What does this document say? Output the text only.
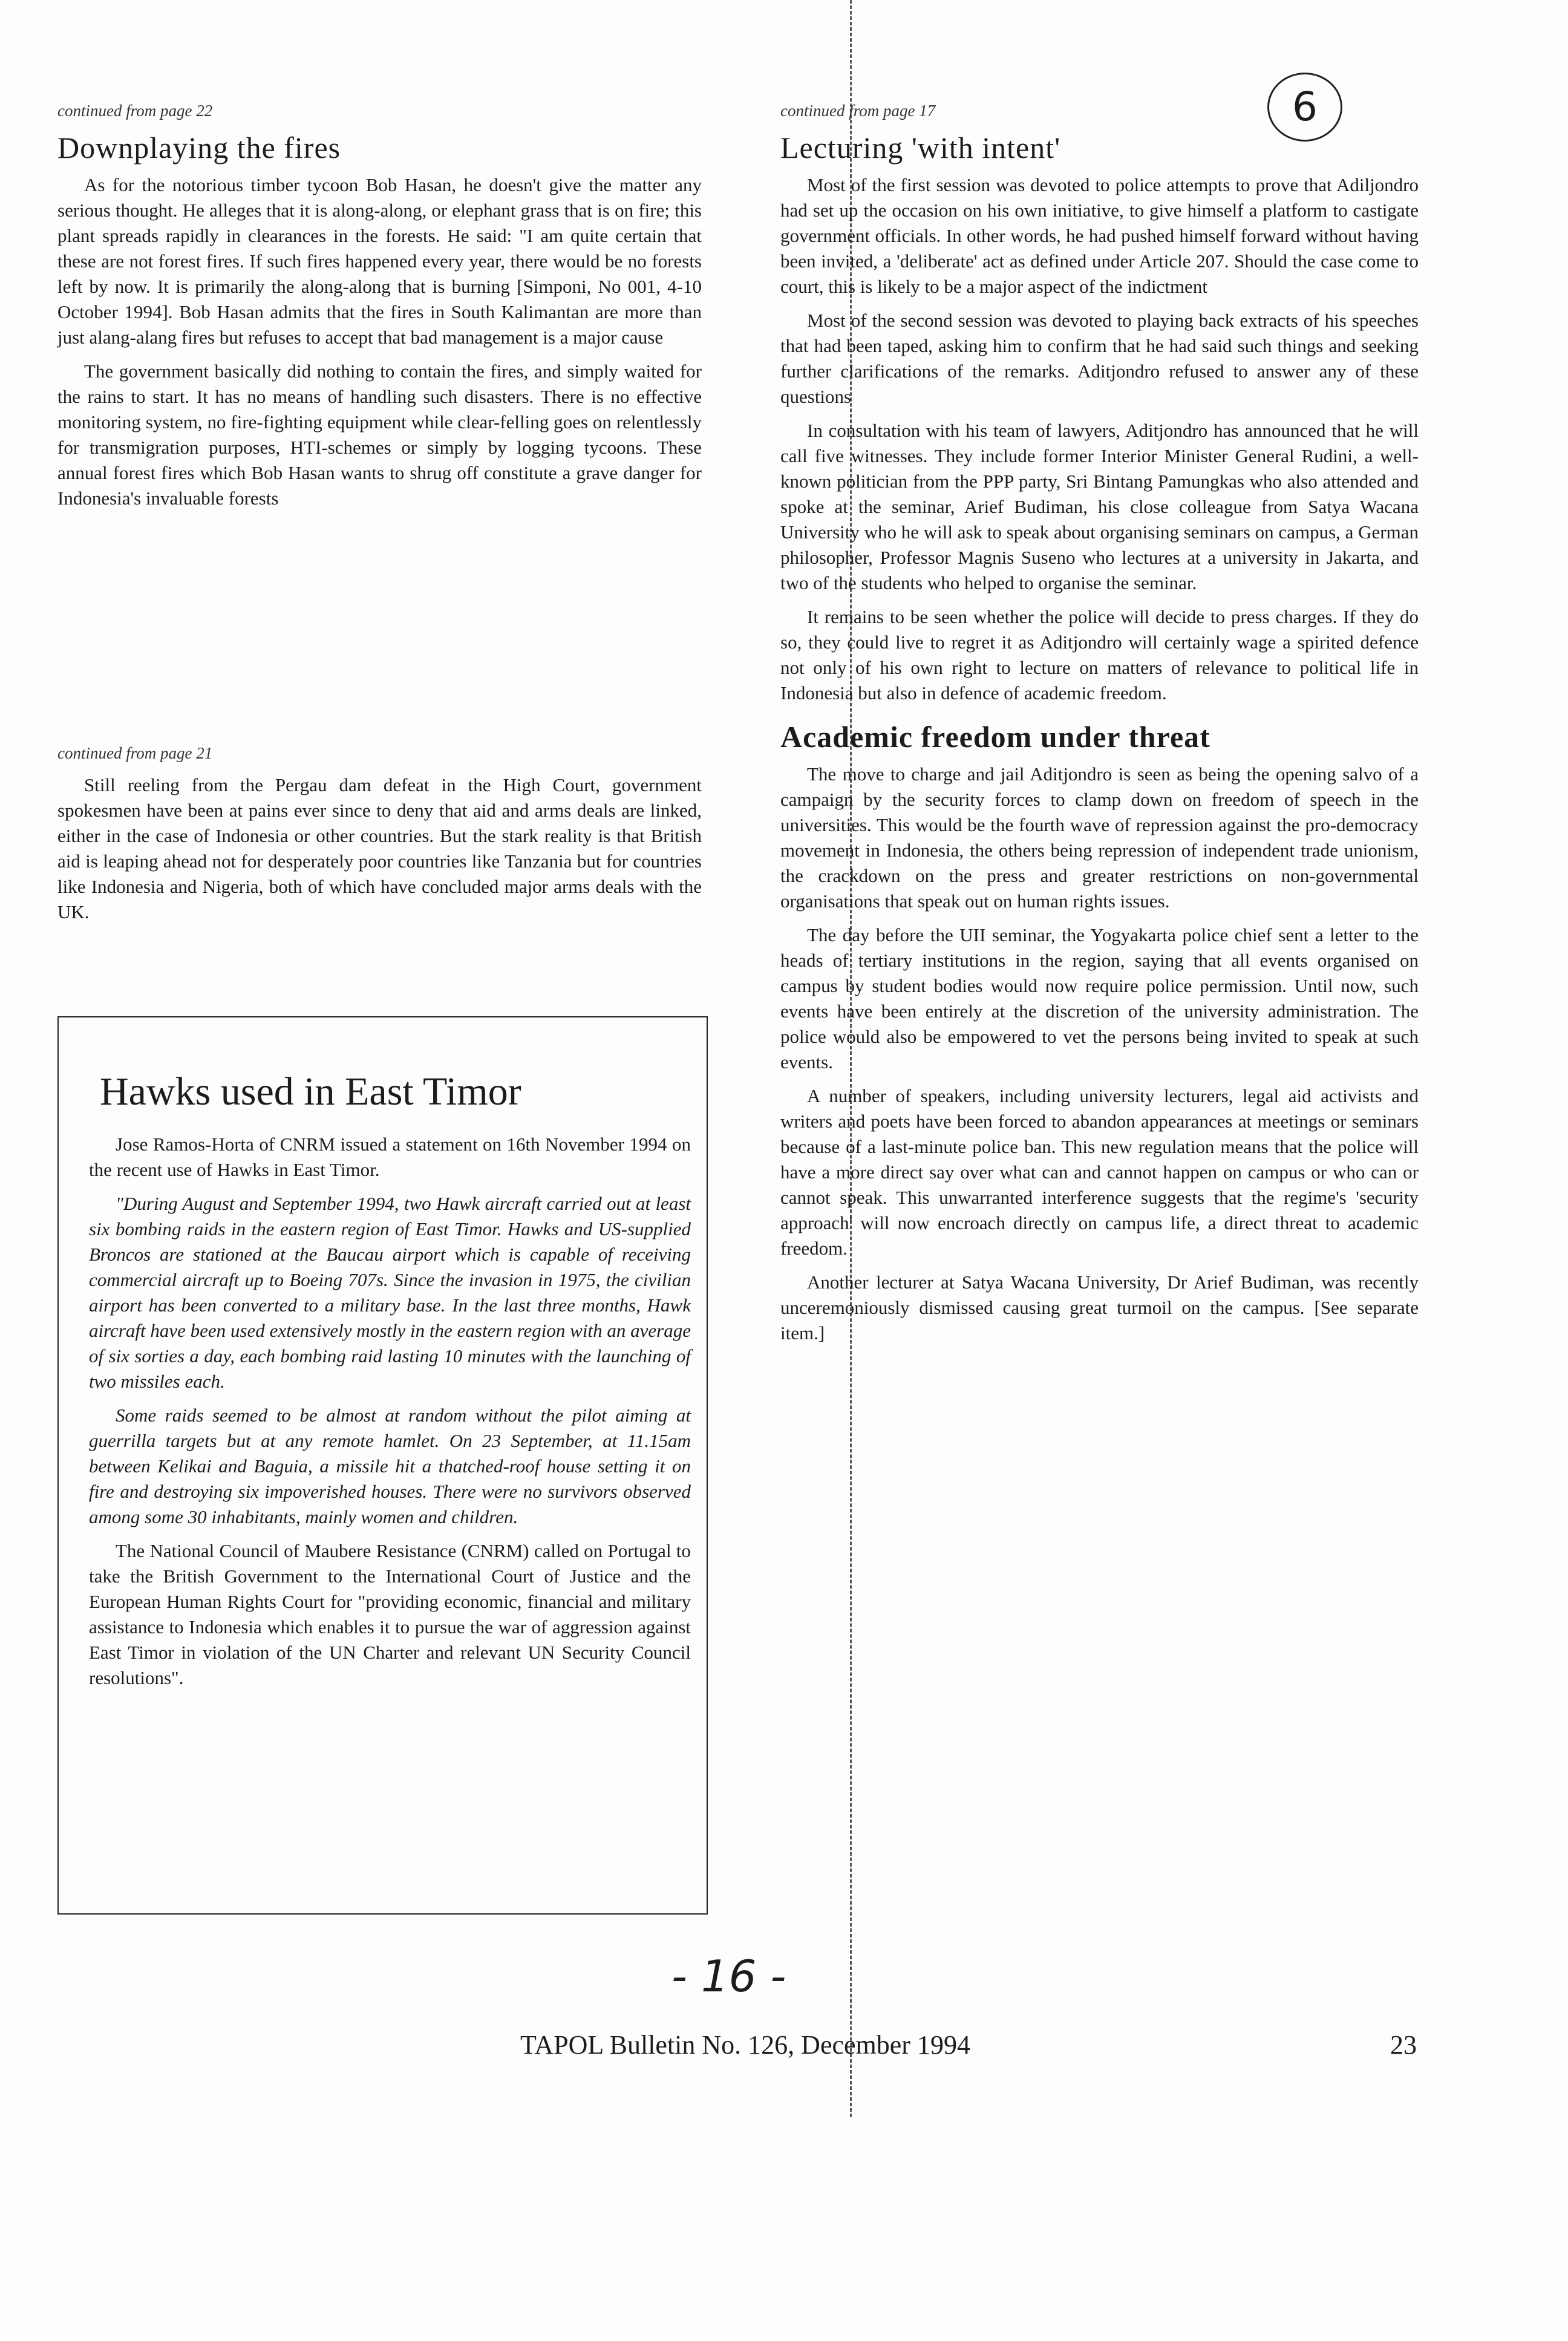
6
continued from page 22
Downplaying the fires

As for the notorious timber tycoon Bob Hasan, he doesn't give the matter any serious thought. He alleges that it is along-along, or elephant grass that is on fire; this plant spreads rapidly in clearances in the forests. He said: "I am quite certain that these are not forest fires. If such fires happened every year, there would be no forests left by now. It is primarily the along-along that is burning [Simponi, No 001, 4-10 October 1994]. Bob Hasan admits that the fires in South Kalimantan are more than just alang-alang fires but refuses to accept that bad management is a major cause

The government basically did nothing to contain the fires, and simply waited for the rains to start. It has no means of handling such disasters. There is no effective monitoring system, no fire-fighting equipment while clear-felling goes on relentlessly for transmigration purposes, HTI-schemes or simply by logging tycoons. These annual forest fires which Bob Hasan wants to shrug off constitute a grave danger for Indonesia's invaluable forests

continued from page 21

Still reeling from the Pergau dam defeat in the High Court, government spokesmen have been at pains ever since to deny that aid and arms deals are linked, either in the case of Indonesia or other countries. But the stark reality is that British aid is leaping ahead not for desperately poor countries like Tanzania but for countries like Indonesia and Nigeria, both of which have concluded major arms deals with the UK.

Hawks used in East Timor

Jose Ramos-Horta of CNRM issued a statement on 16th November 1994 on the recent use of Hawks in East Timor.

"During August and September 1994, two Hawk aircraft carried out at least six bombing raids in the eastern region of East Timor. Hawks and US-supplied Broncos are stationed at the Baucau airport which is capable of receiving commercial aircraft up to Boeing 707s. Since the invasion in 1975, the civilian airport has been converted to a military base. In the last three months, Hawk aircraft have been used extensively mostly in the eastern region with an average of six sorties a day, each bombing raid lasting 10 minutes with the launching of two missiles each.

Some raids seemed to be almost at random without the pilot aiming at guerrilla targets but at any remote hamlet. On 23 September, at 11.15am between Kelikai and Baguia, a missile hit a thatched-roof house setting it on fire and destroying six impoverished houses. There were no survivors observed among some 30 inhabitants, mainly women and children.

The National Council of Maubere Resistance (CNRM) called on Portugal to take the British Government to the International Court of Justice and the European Human Rights Court for "providing economic, financial and military assistance to Indonesia which enables it to pursue the war of aggression against East Timor in violation of the UN Charter and relevant UN Security Council resolutions".

continued from page 17
Lecturing 'with intent'

Most of the first session was devoted to police attempts to prove that Adiljondro had set up the occasion on his own initiative, to give himself a platform to castigate government officials. In other words, he had pushed himself forward without having been invited, a 'deliberate' act as defined under Article 207. Should the case come to court, this is likely to be a major aspect of the indictment

Most of the second session was devoted to playing back extracts of his speeches that had been taped, asking him to confirm that he had said such things and seeking further clarifications of the remarks. Aditjondro refused to answer any of these questions

In consultation with his team of lawyers, Aditjondro has announced that he will call five witnesses. They include former Interior Minister General Rudini, a well-known politician from the PPP party, Sri Bintang Pamungkas who also attended and spoke at the seminar, Arief Budiman, his close colleague from Satya Wacana University who he will ask to speak about organising seminars on campus, a German philosopher, Professor Magnis Suseno who lectures at a university in Jakarta, and two of the students who helped to organise the seminar.

It remains to be seen whether the police will decide to press charges. If they do so, they could live to regret it as Aditjondro will certainly wage a spirited defence not only of his own right to lecture on matters of relevance to political life in Indonesia but also in defence of academic freedom.

Academic freedom under threat

The move to charge and jail Aditjondro is seen as being the opening salvo of a campaign by the security forces to clamp down on freedom of speech in the universities. This would be the fourth wave of repression against the pro-democracy movement in Indonesia, the others being repression of independent trade unionism, the crackdown on the press and greater restrictions on non-governmental organisations that speak out on human rights issues.

The day before the UII seminar, the Yogyakarta police chief sent a letter to the heads of tertiary institutions in the region, saying that all events organised on campus by student bodies would now require police permission. Until now, such events have been entirely at the discretion of the university administration. The police would also be empowered to vet the persons being invited to speak at such events.

A number of speakers, including university lecturers, legal aid activists and writers and poets have been forced to abandon appearances at meetings or seminars because of a last-minute police ban. This new regulation means that the police will have a more direct say over what can and cannot happen on campus or who can or cannot speak. This unwarranted interference suggests that the regime's 'security approach' will now encroach directly on campus life, a direct threat to academic freedom.

Another lecturer at Satya Wacana University, Dr Arief Budiman, was recently unceremoniously dismissed causing great turmoil on the campus. [See separate item.]

- 16 -
TAPOL Bulletin No. 126, December 1994	23
